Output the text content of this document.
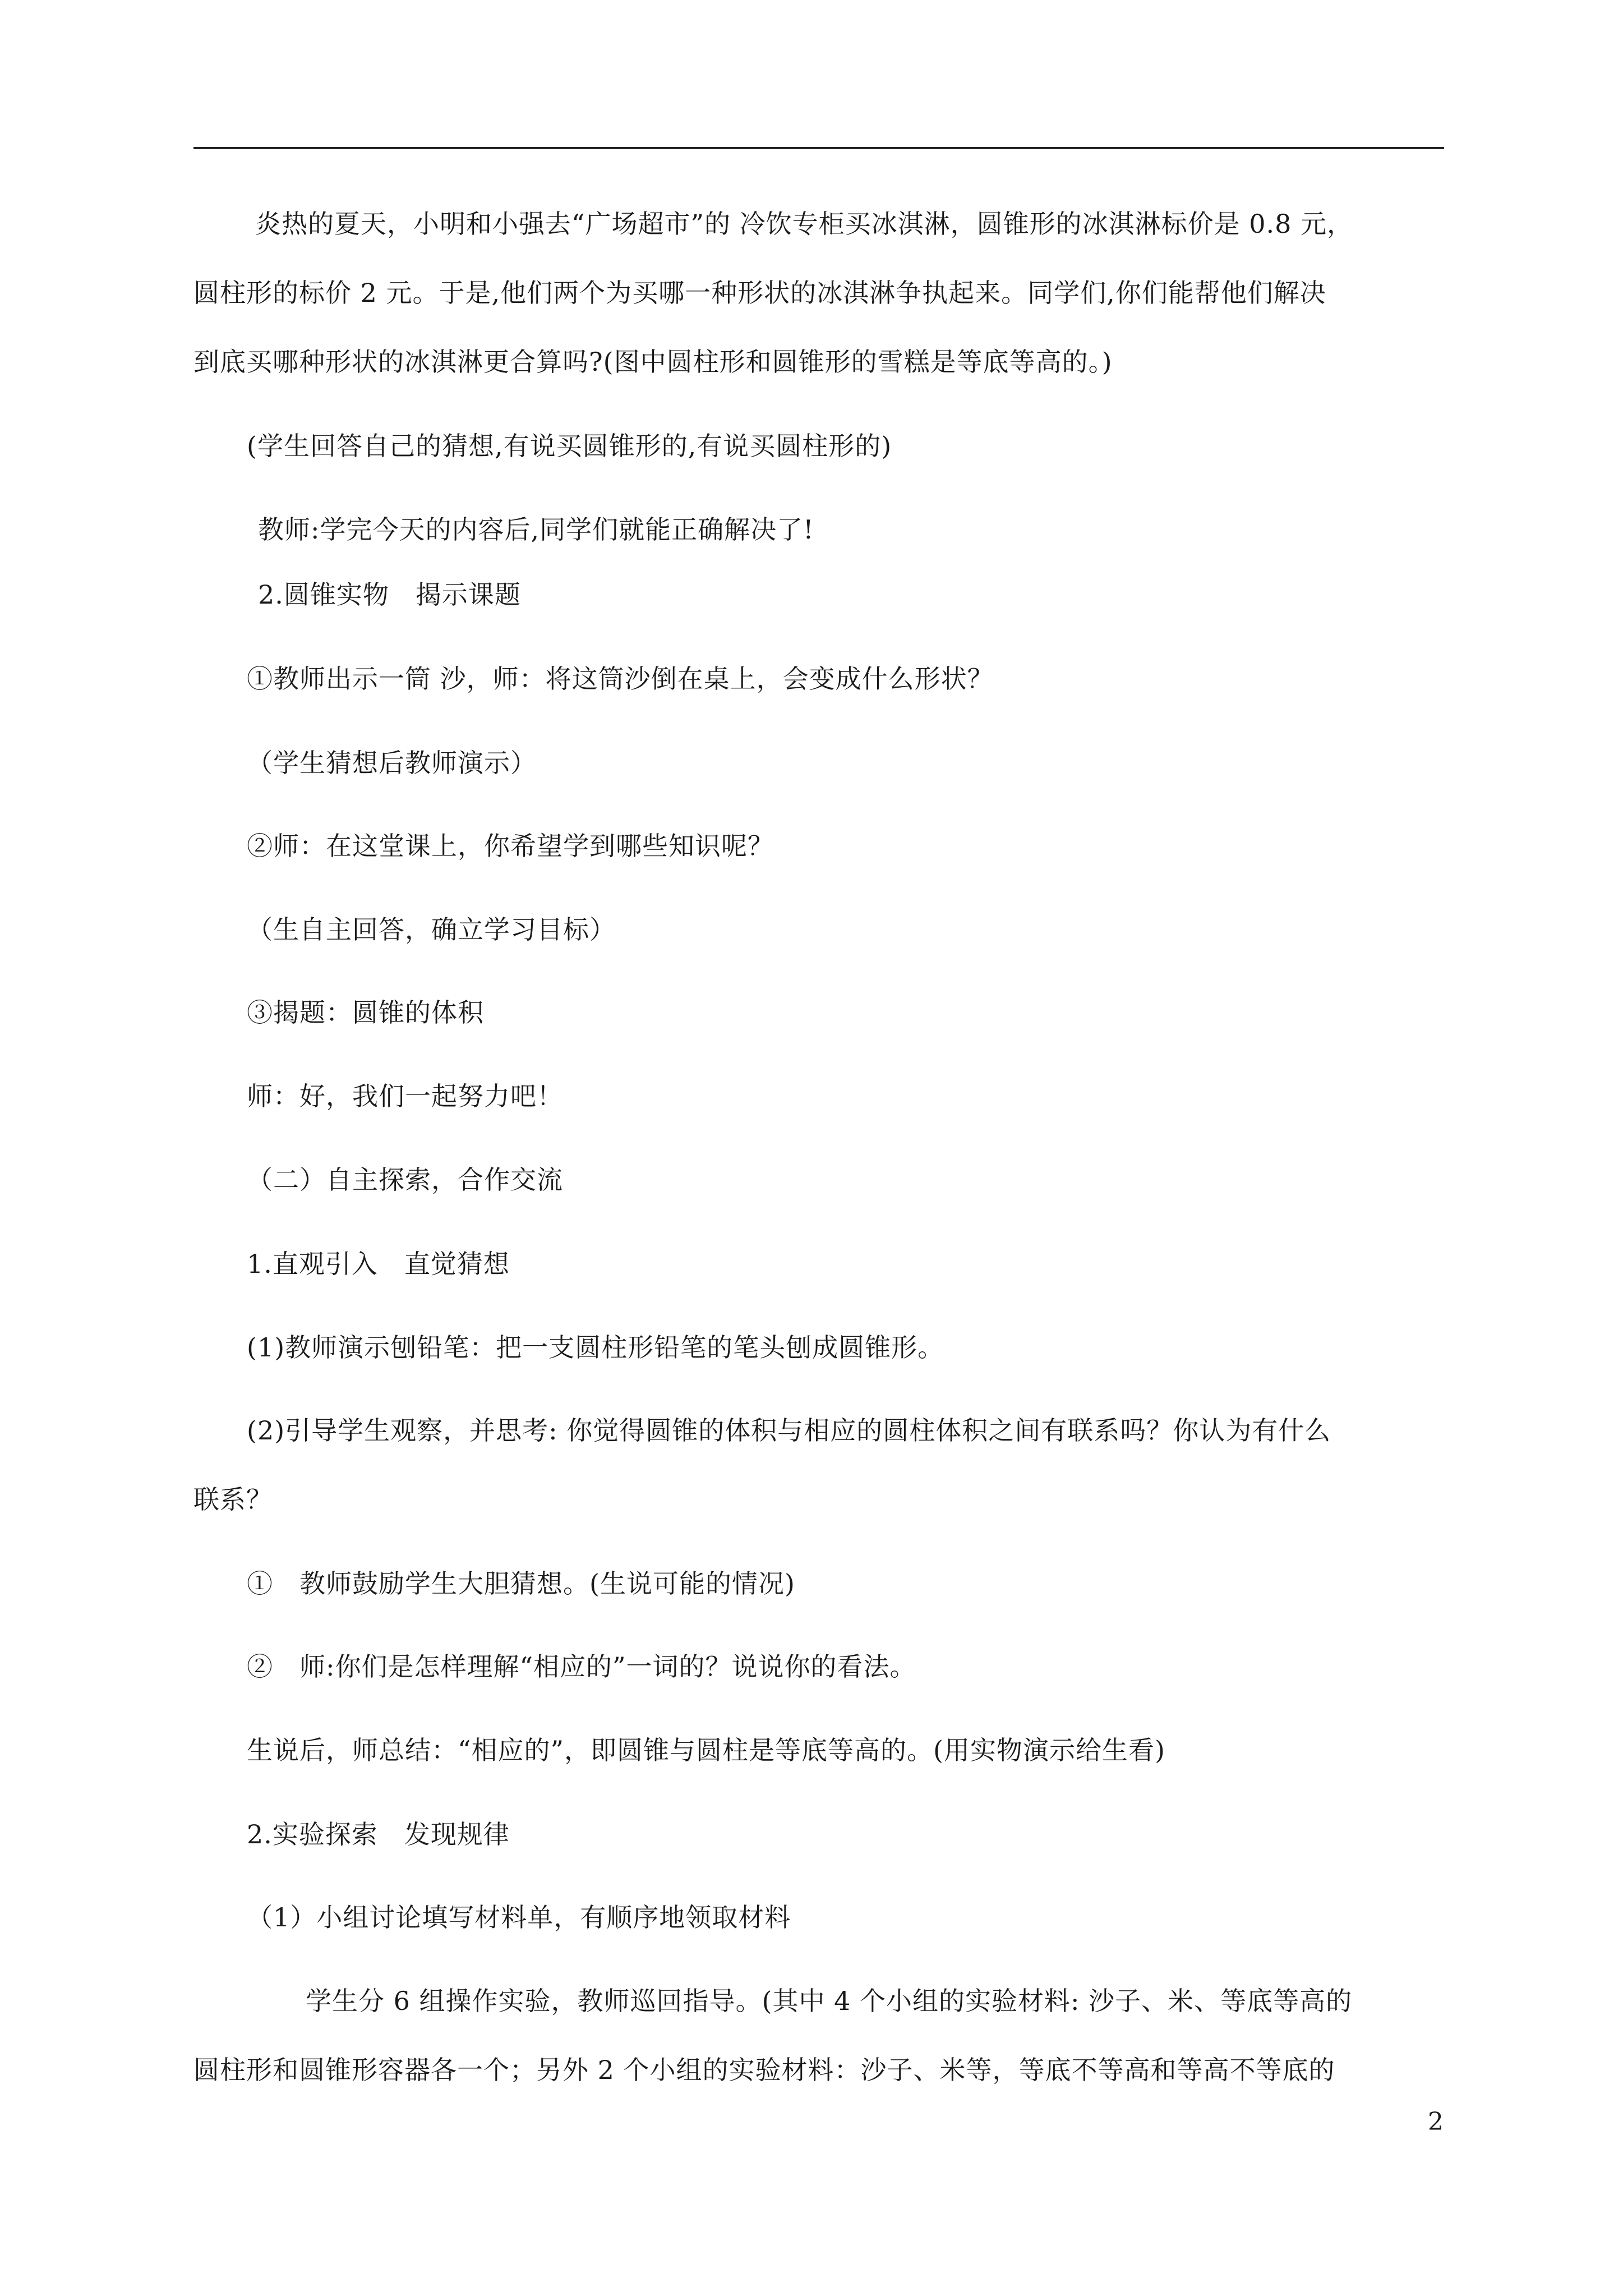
炎热的夏天，小明和小强去“广场超市”的 冷饮专柜买冰淇淋，圆锥形的冰淇淋标价是 0.8 元，

圆柱形的标价 2 元。于是,他们两个为买哪一种形状的冰淇淋争执起来。同学们,你们能帮他们解决

到底买哪种形状的冰淇淋更合算吗?(图中圆柱形和圆锥形的雪糕是等底等高的。)

(学生回答自己的猜想,有说买圆锥形的,有说买圆柱形的)

教师:学完今天的内容后,同学们就能正确解决了!

2.圆锥实物　揭示课题

①教师出示一筒 沙，师：将这筒沙倒在桌上，会变成什么形状？

（学生猜想后教师演示）

②师：在这堂课上，你希望学到哪些知识呢？

（生自主回答，确立学习目标）

③揭题：圆锥的体积

师：好，我们一起努力吧！

（二）自主探索，合作交流

1.直观引入　直觉猜想

(1)教师演示刨铅笔：把一支圆柱形铅笔的笔头刨成圆锥形。

(2)引导学生观察，并思考: 你觉得圆锥的体积与相应的圆柱体积之间有联系吗？你认为有什么

联系？

①　教师鼓励学生大胆猜想。(生说可能的情况)

②　师:你们是怎样理解“相应的”一词的？说说你的看法。

生说后，师总结：“相应的”，即圆锥与圆柱是等底等高的。(用实物演示给生看)

2.实验探索　发现规律

（1）小组讨论填写材料单，有顺序地领取材料

学生分 6 组操作实验，教师巡回指导。(其中 4 个小组的实验材料: 沙子、米、等底等高的

圆柱形和圆锥形容器各一个；另外 2 个小组的实验材料：沙子、米等，等底不等高和等高不等底的

2
